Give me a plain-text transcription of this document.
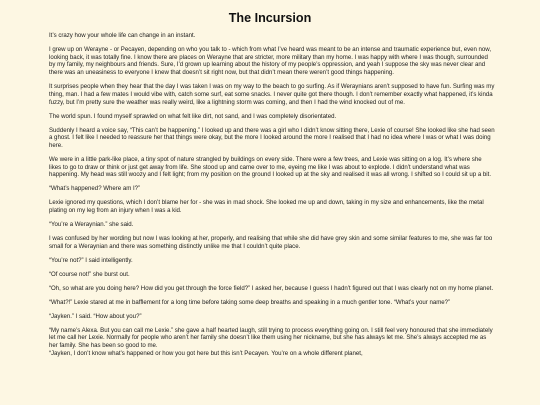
The Incursion

It’s crazy how your whole life can change in an instant.

I grew up on Werayne - or Pecayen, depending on who you talk to - which from what I’ve heard was meant to be an intense and traumatic experience but, even now, looking back, it was totally fine. I know there are places on Werayne that are stricter, more military than my home. I was happy with where I was though, surrounded by my family, my neighbours and friends. Sure, I’d grown up learning about the history of my people’s oppression, and yeah I suppose the sky was never clear and there was an uneasiness to everyone I knew that doesn’t sit right now, but that didn’t mean there weren’t good things happening.

It surprises people when they hear that the day I was taken I was on my way to the beach to go surfing. As if Weraynians aren’t supposed to have fun. Surfing was my thing, man. I had a few mates I would vibe with, catch some surf, eat some snacks. I never quite got there though. I don’t remember exactly what happened, it’s kinda fuzzy, but I’m pretty sure the weather was really weird, like a lightning storm was coming, and then I had the wind knocked out of me.

The world spun. I found myself sprawled on what felt like dirt, not sand, and I was completely disorientated.

Suddenly I heard a voice say, “This can’t be happening.” I looked up and there was a girl who I didn’t know sitting there, Lexie of course! She looked like she had seen a ghost. I felt like I needed to reassure her that things were okay, but the more I looked around the more I realised that I had no idea where I was or what I was doing here.

We were in a little park-like place, a tiny spot of nature strangled by buildings on every side. There were a few trees, and Lexie was sitting on a log. It’s where she likes to go to draw or think or just get away from life. She stood up and came over to me, eyeing me like I was about to explode. I didn’t understand what was happening. My head was still woozy and I felt light; from my position on the ground I looked up at the sky and realised it was all wrong. I shifted so I could sit up a bit.

“What’s happened? Where am I?”

Lexie ignored my questions, which I don’t blame her for - she was in mad shock. She looked me up and down, taking in my size and enhancements, like the metal plating on my leg from an injury when I was a kid.

“You’re a Weraynian.” she said.

I was confused by her wording but now I was looking at her, properly, and realising that while she did have grey skin and some similar features to me, she was far too small for a Weraynian and there was something distinctly unlike me that I couldn’t quite place.

“You’re not?” I said intelligently.

“Of course not!” she burst out.

“Oh, so what are you doing here? How did you get through the force field?” I asked her, because I guess I hadn’t figured out that I was clearly not on my home planet.

“What?!” Lexie stared at me in bafflement for a long time before taking some deep breaths and speaking in a much gentler tone. “What’s your name?”

“Jayken.” I said. “How about you?”

“My name’s Alexa. But you can call me Lexie.” she gave a half hearted laugh, still trying to process everything going on. I still feel very honoured that she immediately let me call her Lexie. Normally for people who aren’t her family she doesn’t like them using her nickname, but she has always let me. She’s always accepted me as her family. She has been so good to me.

“Jayken, I don’t know what’s happened or how you got here but this isn’t Pecayen. You’re on a whole different planet,
